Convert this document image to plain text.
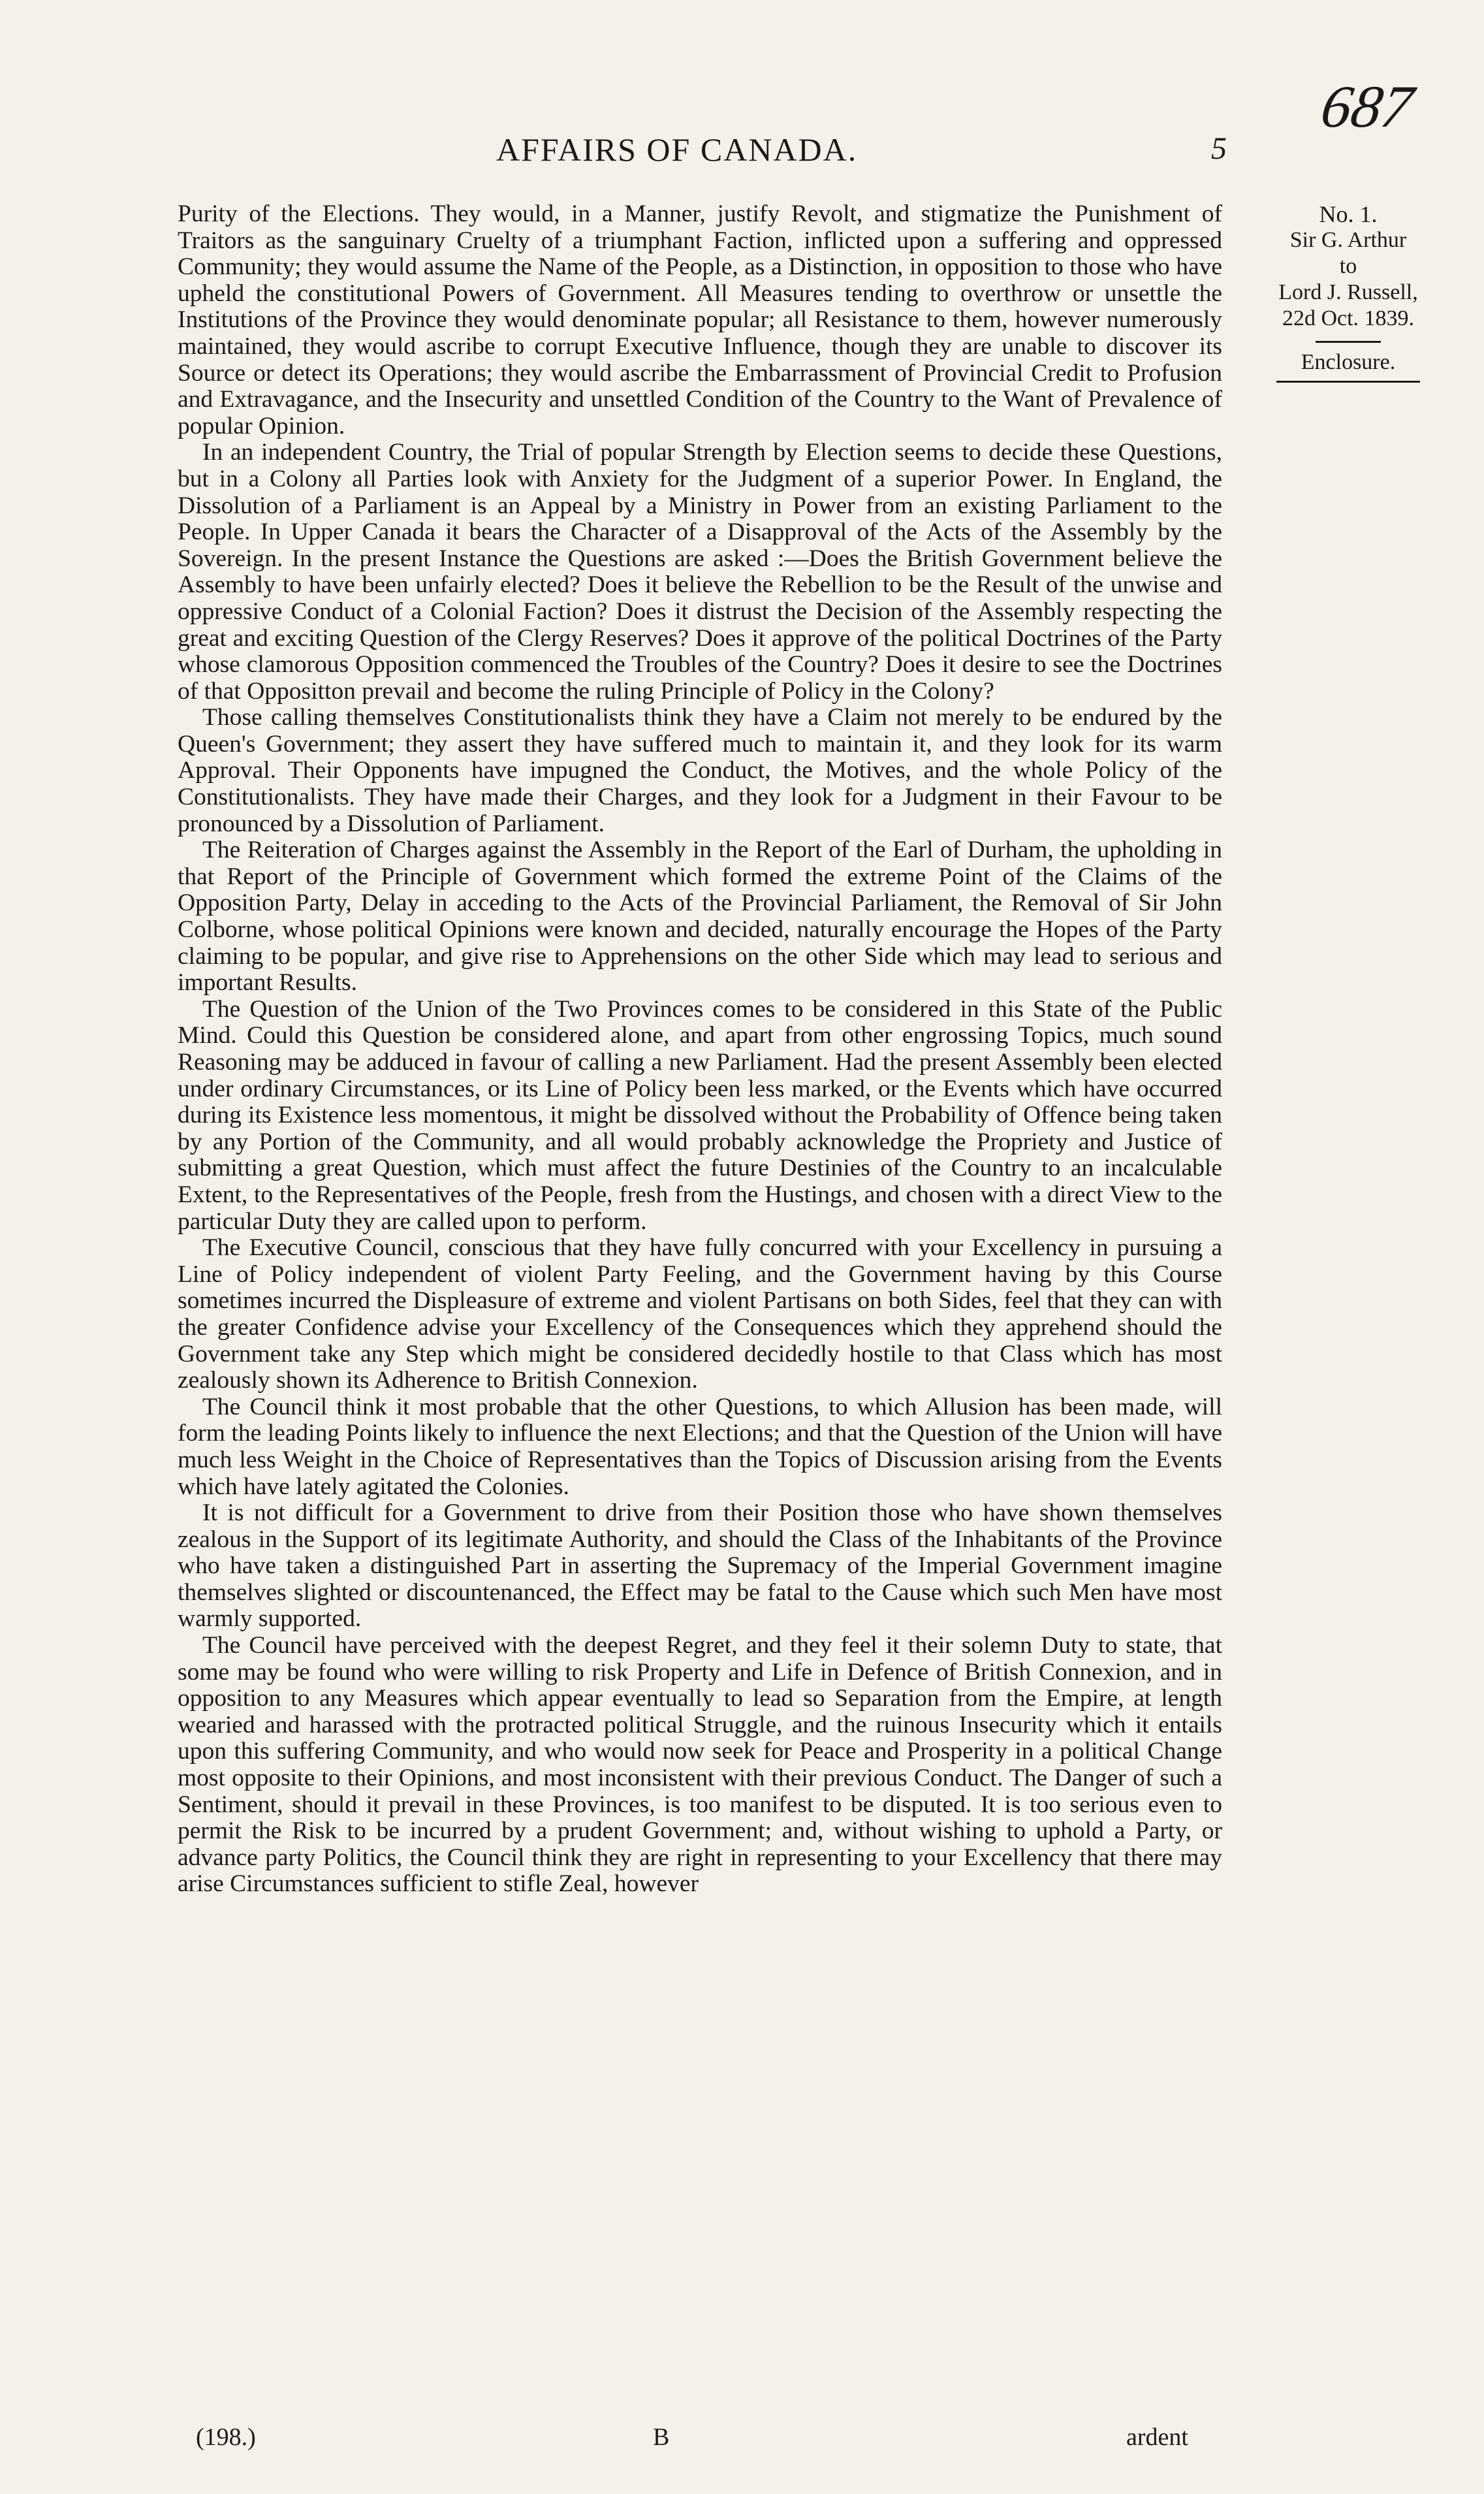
AFFAIRS OF CANADA.	5
687
No. 1.
Sir G. Arthur
to
Lord J. Russell,
22d Oct. 1839.
Enclosure.

Purity of the Elections. They would, in a Manner, justify Revolt, and stigmatize the Punishment of Traitors as the sanguinary Cruelty of a triumphant Faction, inflicted upon a suffering and oppressed Community; they would assume the Name of the People, as a Distinction, in opposition to those who have upheld the constitutional Powers of Government. All Measures tending to overthrow or unsettle the Institutions of the Province they would denominate popular; all Resistance to them, however numerously maintained, they would ascribe to corrupt Executive Influence, though they are unable to discover its Source or detect its Operations; they would ascribe the Embarrassment of Provincial Credit to Profusion and Extravagance, and the Insecurity and unsettled Condition of the Country to the Want of Prevalence of popular Opinion.

In an independent Country, the Trial of popular Strength by Election seems to decide these Questions, but in a Colony all Parties look with Anxiety for the Judgment of a superior Power. In England, the Dissolution of a Parliament is an Appeal by a Ministry in Power from an existing Parliament to the People. In Upper Canada it bears the Character of a Disapproval of the Acts of the Assembly by the Sovereign. In the present Instance the Questions are asked :—Does the British Government believe the Assembly to have been unfairly elected? Does it believe the Rebellion to be the Result of the unwise and oppressive Conduct of a Colonial Faction? Does it distrust the Decision of the Assembly respecting the great and exciting Question of the Clergy Reserves? Does it approve of the political Doctrines of the Party whose clamorous Opposition commenced the Troubles of the Country? Does it desire to see the Doctrines of that Oppositton prevail and become the ruling Principle of Policy in the Colony?

Those calling themselves Constitutionalists think they have a Claim not merely to be endured by the Queen's Government; they assert they have suffered much to maintain it, and they look for its warm Approval. Their Opponents have impugned the Conduct, the Motives, and the whole Policy of the Constitutionalists. They have made their Charges, and they look for a Judgment in their Favour to be pronounced by a Dissolution of Parliament.

The Reiteration of Charges against the Assembly in the Report of the Earl of Durham, the upholding in that Report of the Principle of Government which formed the extreme Point of the Claims of the Opposition Party, Delay in acceding to the Acts of the Provincial Parliament, the Removal of Sir John Colborne, whose political Opinions were known and decided, naturally encourage the Hopes of the Party claiming to be popular, and give rise to Apprehensions on the other Side which may lead to serious and important Results.

The Question of the Union of the Two Provinces comes to be considered in this State of the Public Mind. Could this Question be considered alone, and apart from other engrossing Topics, much sound Reasoning may be adduced in favour of calling a new Parliament. Had the present Assembly been elected under ordinary Circumstances, or its Line of Policy been less marked, or the Events which have occurred during its Existence less momentous, it might be dissolved without the Probability of Offence being taken by any Portion of the Community, and all would probably acknowledge the Propriety and Justice of submitting a great Question, which must affect the future Destinies of the Country to an incalculable Extent, to the Representatives of the People, fresh from the Hustings, and chosen with a direct View to the particular Duty they are called upon to perform.

The Executive Council, conscious that they have fully concurred with your Excellency in pursuing a Line of Policy independent of violent Party Feeling, and the Government having by this Course sometimes incurred the Displeasure of extreme and violent Partisans on both Sides, feel that they can with the greater Confidence advise your Excellency of the Consequences which they apprehend should the Government take any Step which might be considered decidedly hostile to that Class which has most zealously shown its Adherence to British Connexion.

The Council think it most probable that the other Questions, to which Allusion has been made, will form the leading Points likely to influence the next Elections; and that the Question of the Union will have much less Weight in the Choice of Representatives than the Topics of Discussion arising from the Events which have lately agitated the Colonies.

It is not difficult for a Government to drive from their Position those who have shown themselves zealous in the Support of its legitimate Authority, and should the Class of the Inhabitants of the Province who have taken a distinguished Part in asserting the Supremacy of the Imperial Government imagine themselves slighted or discountenanced, the Effect may be fatal to the Cause which such Men have most warmly supported.

The Council have perceived with the deepest Regret, and they feel it their solemn Duty to state, that some may be found who were willing to risk Property and Life in Defence of British Connexion, and in opposition to any Measures which appear eventually to lead so Separation from the Empire, at length wearied and harassed with the protracted political Struggle, and the ruinous Insecurity which it entails upon this suffering Community, and who would now seek for Peace and Prosperity in a political Change most opposite to their Opinions, and most inconsistent with their previous Conduct. The Danger of such a Sentiment, should it prevail in these Provinces, is too manifest to be disputed. It is too serious even to permit the Risk to be incurred by a prudent Government; and, without wishing to uphold a Party, or advance party Politics, the Council think they are right in representing to your Excellency that there may arise Circumstances sufficient to stifle Zeal, however

(198.)	B	ardent
